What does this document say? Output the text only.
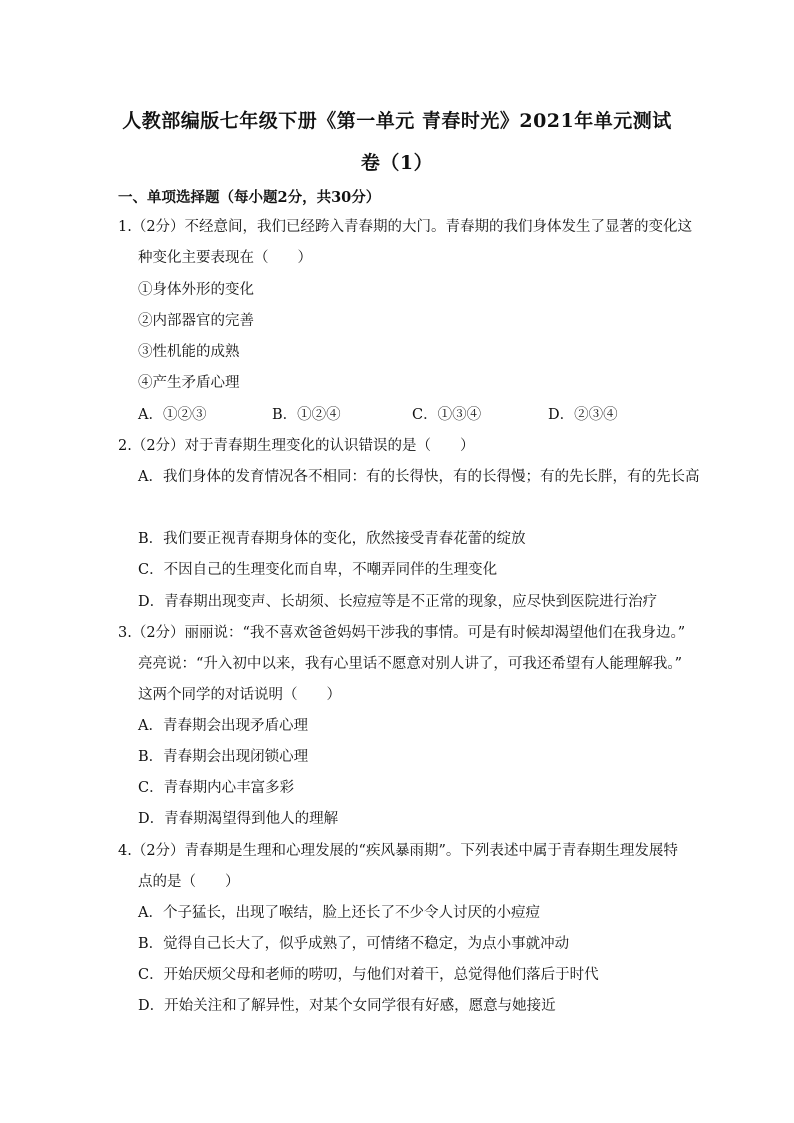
人教部编版七年级下册《第一单元 青春时光》2021年单元测试
卷（1）
一、单项选择题（每小题2分，共30分）
1.（2分）不经意间，我们已经跨入青春期的大门。青春期的我们身体发生了显著的变化这
种变化主要表现在（　　）
①身体外形的变化
②内部器官的完善
③性机能的成熟
④产生矛盾心理
A．①②③	B．①②④	C．①③④	D．②③④
2.（2分）对于青春期生理变化的认识错误的是（　　）
A．我们身体的发育情况各不相同：有的长得快，有的长得慢；有的先长胖，有的先长高
B．我们要正视青春期身体的变化，欣然接受青春花蕾的绽放
C．不因自己的生理变化而自卑，不嘲弄同伴的生理变化
D．青春期出现变声、长胡须、长痘痘等是不正常的现象，应尽快到医院进行治疗
3.（2分）丽丽说：“我不喜欢爸爸妈妈干涉我的事情。可是有时候却渴望他们在我身边。”
亮亮说：“升入初中以来，我有心里话不愿意对别人讲了，可我还希望有人能理解我。”
这两个同学的对话说明（　　）
A．青春期会出现矛盾心理
B．青春期会出现闭锁心理
C．青春期内心丰富多彩
D．青春期渴望得到他人的理解
4.（2分）青春期是生理和心理发展的“疾风暴雨期”。下列表述中属于青春期生理发展特
点的是（　　）
A．个子猛长，出现了喉结，脸上还长了不少令人讨厌的小痘痘
B．觉得自己长大了，似乎成熟了，可情绪不稳定，为点小事就冲动
C．开始厌烦父母和老师的唠叨，与他们对着干，总觉得他们落后于时代
D．开始关注和了解异性，对某个女同学很有好感，愿意与她接近
